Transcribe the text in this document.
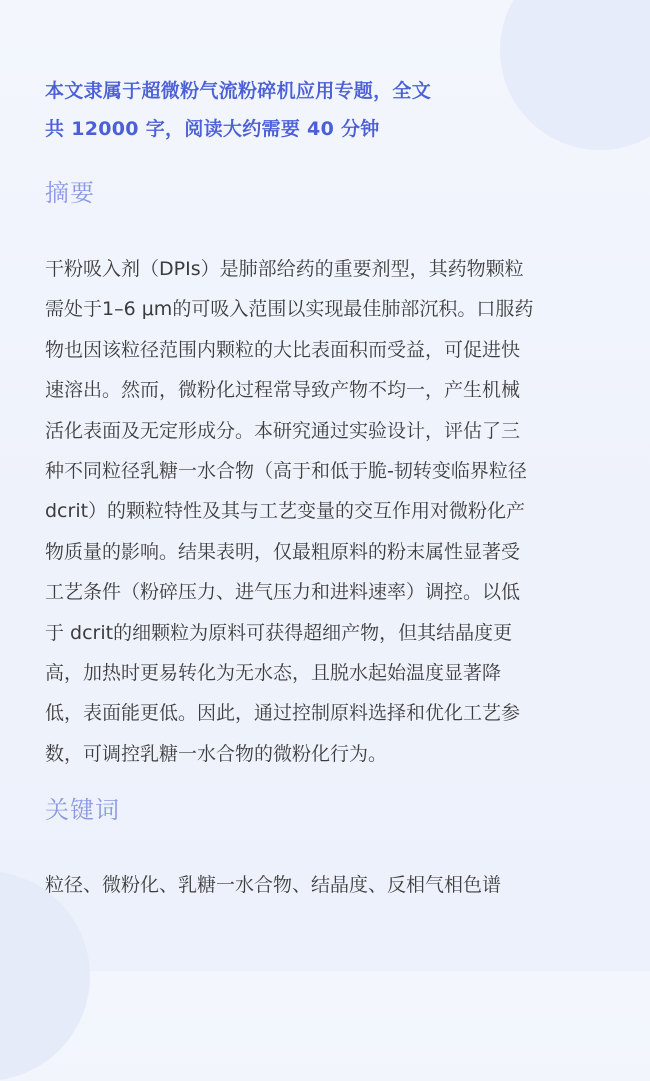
本文隶属于超微粉气流粉碎机应用专题，全文

共 12000 字，阅读大约需要 40 分钟

摘要
干粉吸入剂（DPIs）是肺部给药的重要剂型，其药物颗粒
需处于1–6 μm的可吸入范围以实现最佳肺部沉积。口服药
物也因该粒径范围内颗粒的大比表面积而受益，可促进快
速溶出。然而，微粉化过程常导致产物不均一，产生机械
活化表面及无定形成分。本研究通过实验设计，评估了三
种不同粒径乳糖一水合物（高于和低于脆-韧转变临界粒径
dcrit）的颗粒特性及其与工艺变量的交互作用对微粉化产
物质量的影响。结果表明，仅最粗原料的粉末属性显著受
工艺条件（粉碎压力、进气压力和进料速率）调控。以低
于 dcrit的细颗粒为原料可获得超细产物，但其结晶度更
高，加热时更易转化为无水态，且脱水起始温度显著降
低，表面能更低。因此，通过控制原料选择和优化工艺参
数，可调控乳糖一水合物的微粉化行为。
关键词
粒径、微粉化、乳糖一水合物、结晶度、反相气相色谱
